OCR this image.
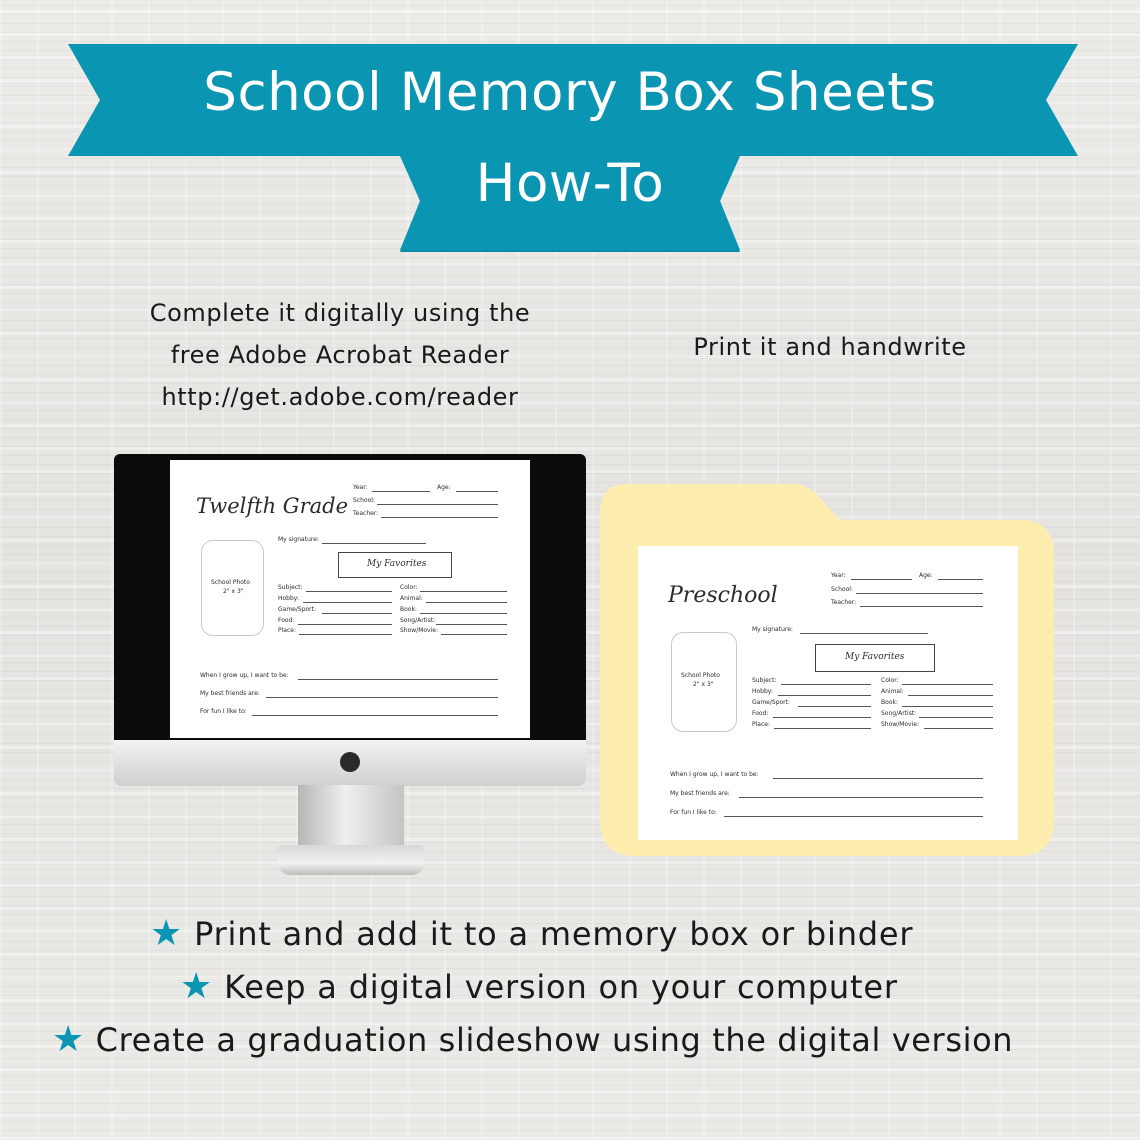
School Memory Box Sheets
How-To
Complete it digitally using the
free Adobe Acrobat Reader
http://get.adobe.com/reader
Print it and handwrite
Twelfth Grade
Year:	Age:
School:
Teacher:
My signature:
School Photo
2" x 3"
My Favorites
Subject:
Hobby:
Game/Sport:
Food:
Place:
Color:
Animal:
Book:
Song/Artist:
Show/Movie:
When I grow up, I want to be:
My best friends are:
For fun I like to:
Preschool
Year:	Age:
School:
Teacher:
My signature:
School Photo
2" x 3"
My Favorites
Subject:
Hobby:
Game/Sport:
Food:
Place:
Color:
Animal:
Book:
Song/Artist:
Show/Movie:
When I grow up, I want to be:
My best friends are:
For fun I like to:
★ Print and add it to a memory box or binder
★ Keep a digital version on your computer
★ Create a graduation slideshow using the digital version
